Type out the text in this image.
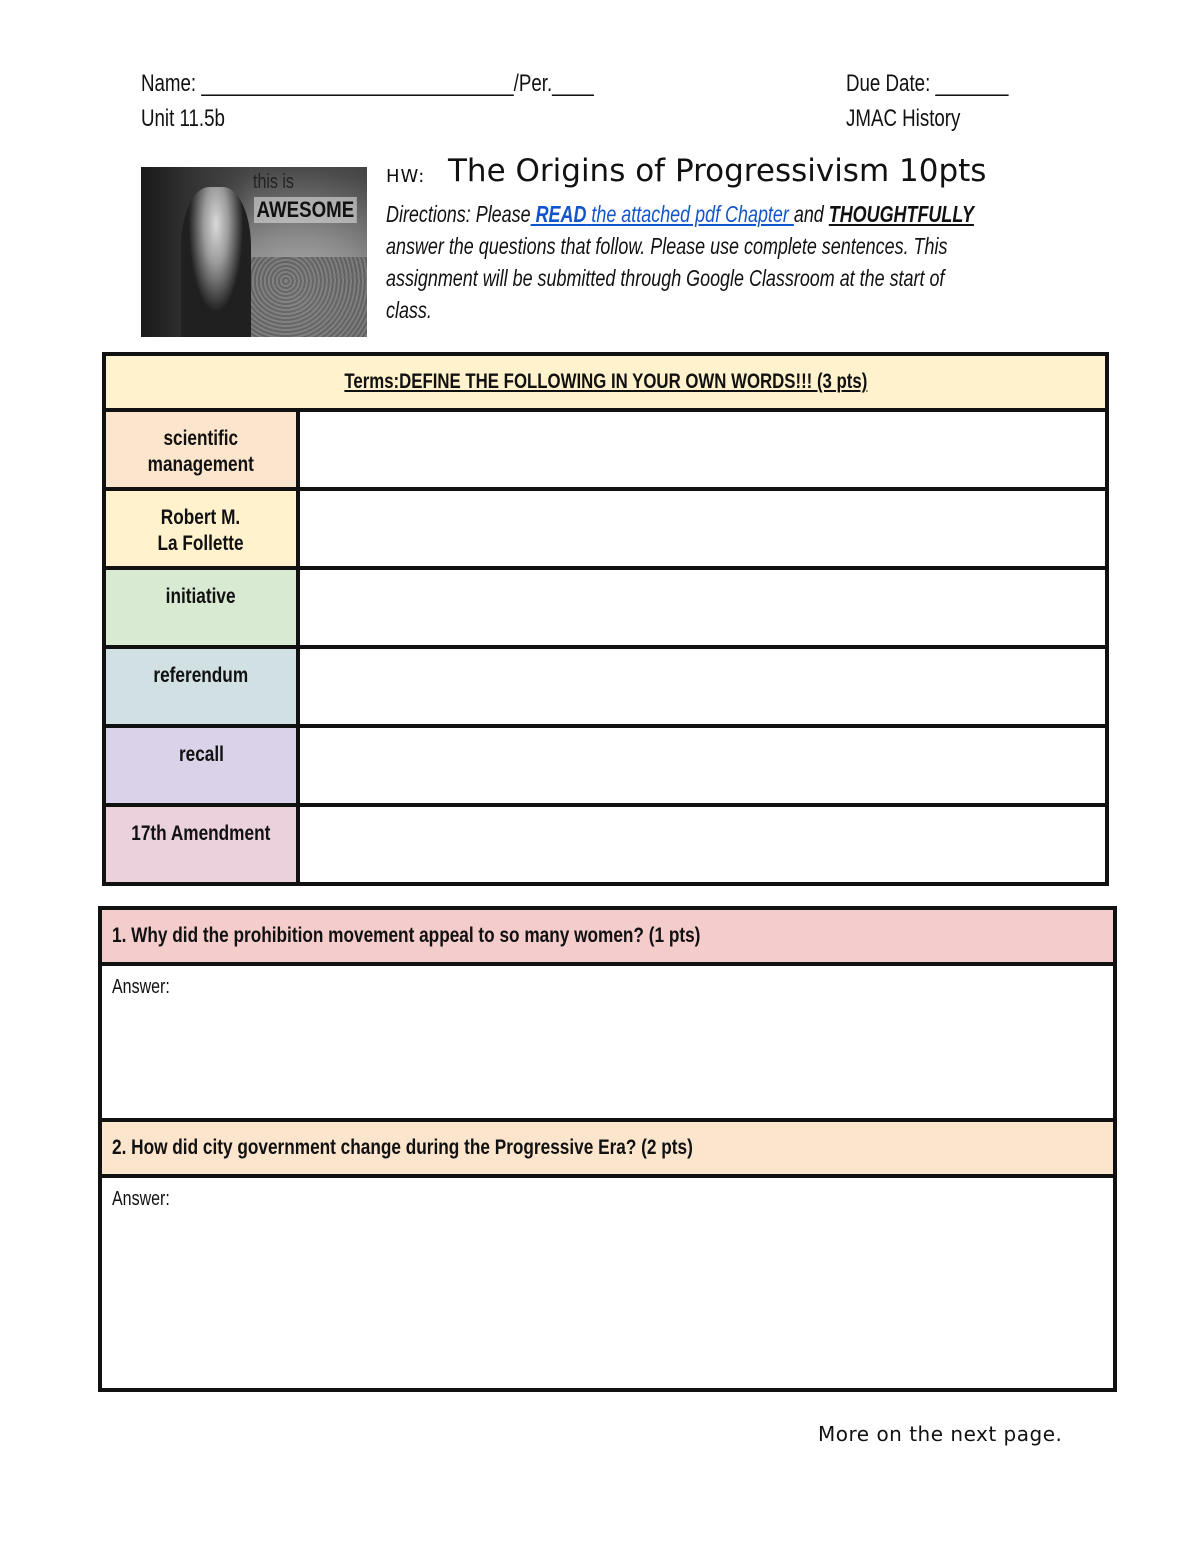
Name: ______________________________/Per.____
Unit 11.5b
Due Date: _______
JMAC History
this is
AWESOME
HW: The Origins of Progressivism 10pts
Directions: Please READ the attached pdf Chapter and THOUGHTFULLY answer the questions that follow. Please use complete sentences. This assignment will be submitted through Google Classroom at the start of class.
Terms:DEFINE THE FOLLOWING IN YOUR OWN WORDS!!! (3 pts)
scientific
management
Robert M.
La Follette
initiative
referendum
recall
17th Amendment
1. Why did the prohibition movement appeal to so many women? (1 pts)
Answer:
2. How did city government change during the Progressive Era? (2 pts)
Answer:
More on the next page.
